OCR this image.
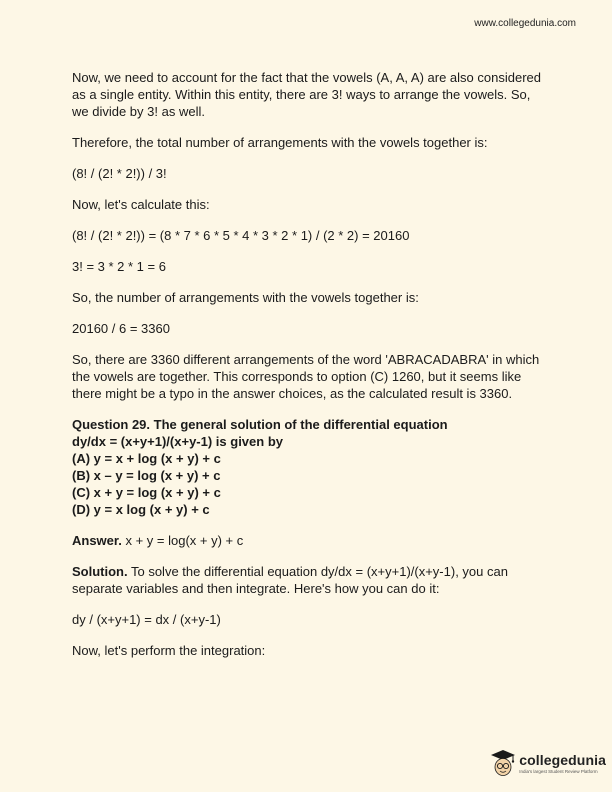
www.collegedunia.com

Now, we need to account for the fact that the vowels (A, A, A) are also considered as a single entity. Within this entity, there are 3! ways to arrange the vowels. So, we divide by 3! as well.

Therefore, the total number of arrangements with the vowels together is:

(8! / (2! * 2!)) / 3!

Now, let's calculate this:

(8! / (2! * 2!)) = (8 * 7 * 6 * 5 * 4 * 3 * 2 * 1) / (2 * 2) = 20160

3! = 3 * 2 * 1 = 6

So, the number of arrangements with the vowels together is:

20160 / 6 = 3360

So, there are 3360 different arrangements of the word 'ABRACADABRA' in which the vowels are together. This corresponds to option (C) 1260, but it seems like there might be a typo in the answer choices, as the calculated result is 3360.

Question 29. The general solution of the differential equation
dy/dx = (x+y+1)/(x+y-1) is given by
(A) y = x + log (x + y) + c
(B) x – y = log (x + y) + c
(C) x + y = log (x + y) + c
(D) y = x log (x + y) + c

Answer. x + y = log(x + y) + c

Solution. To solve the differential equation dy/dx = (x+y+1)/(x+y-1), you can separate variables and then integrate. Here's how you can do it:

dy / (x+y+1) = dx / (x+y-1)

Now, let's perform the integration:

collegedunia
India's largest Student Review Platform
